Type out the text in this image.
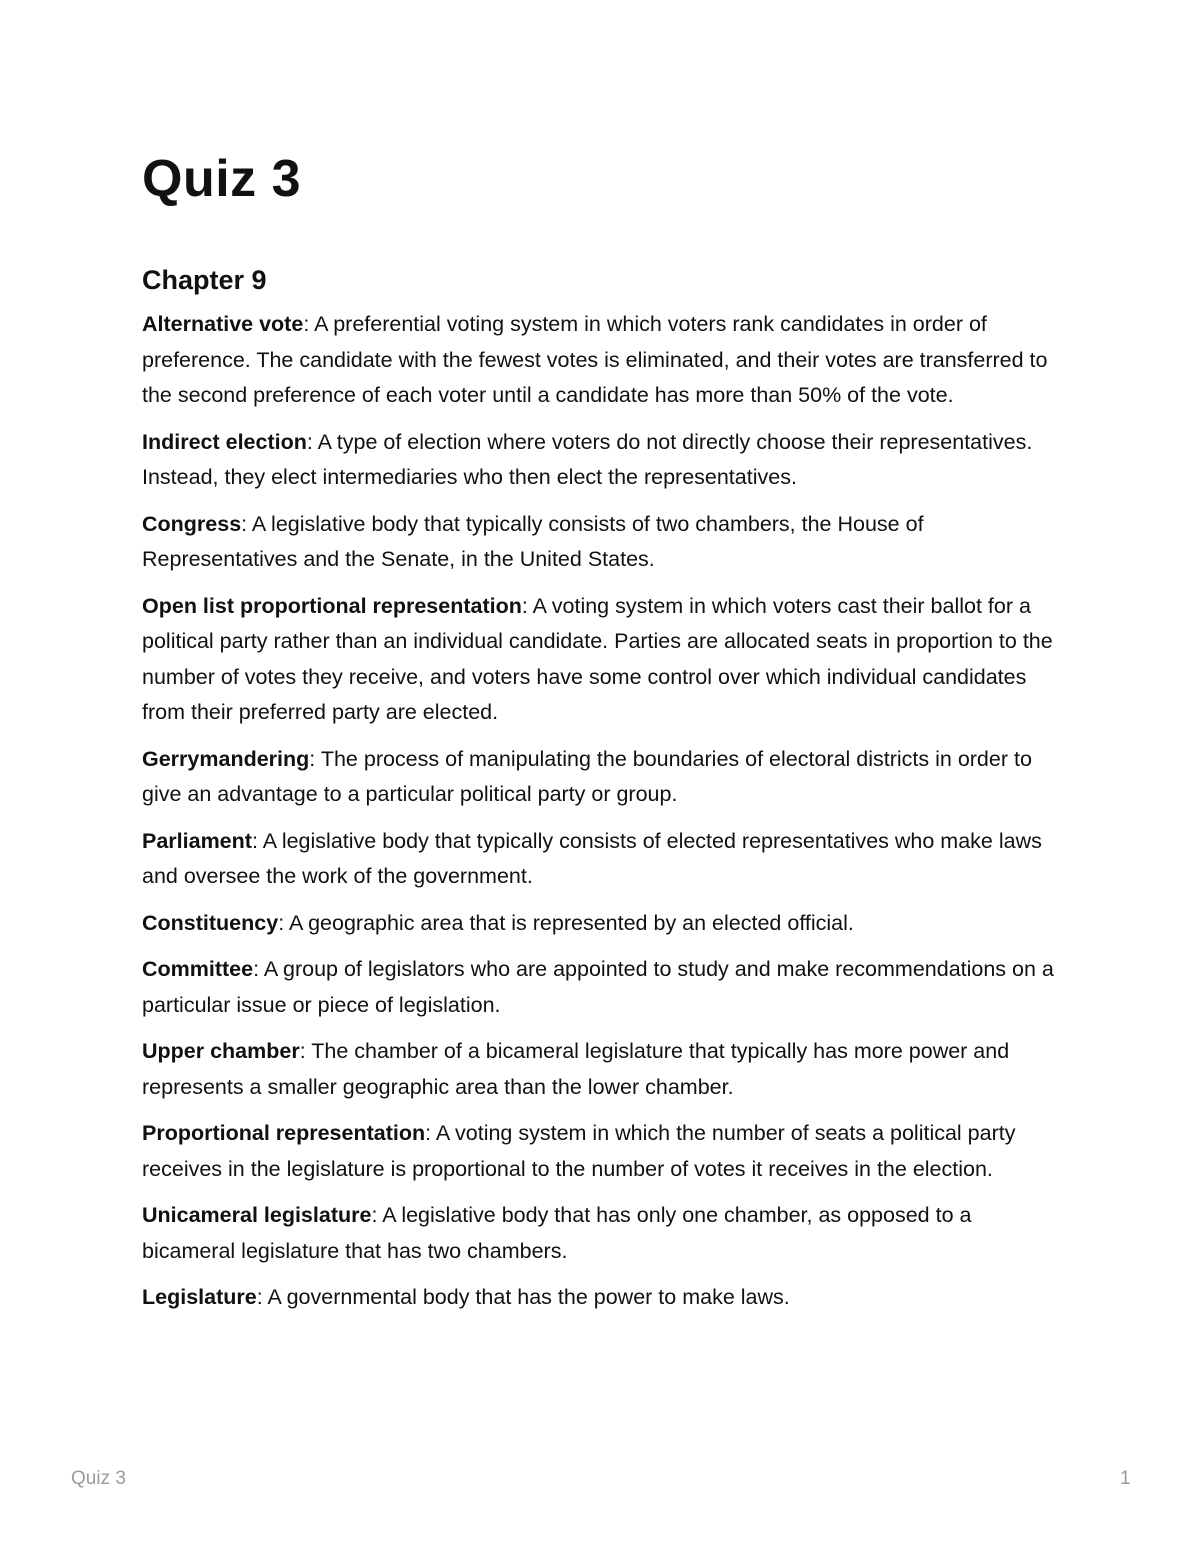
Quiz 3
Chapter 9

Alternative vote: A preferential voting system in which voters rank candidates in order of preference. The candidate with the fewest votes is eliminated, and their votes are transferred to the second preference of each voter until a candidate has more than 50% of the vote.

Indirect election: A type of election where voters do not directly choose their representatives. Instead, they elect intermediaries who then elect the representatives.

Congress: A legislative body that typically consists of two chambers, the House of Representatives and the Senate, in the United States.

Open list proportional representation: A voting system in which voters cast their ballot for a political party rather than an individual candidate. Parties are allocated seats in proportion to the number of votes they receive, and voters have some control over which individual candidates from their preferred party are elected.

Gerrymandering: The process of manipulating the boundaries of electoral districts in order to give an advantage to a particular political party or group.

Parliament: A legislative body that typically consists of elected representatives who make laws and oversee the work of the government.

Constituency: A geographic area that is represented by an elected official.

Committee: A group of legislators who are appointed to study and make recommendations on a particular issue or piece of legislation.

Upper chamber: The chamber of a bicameral legislature that typically has more power and represents a smaller geographic area than the lower chamber.

Proportional representation: A voting system in which the number of seats a political party receives in the legislature is proportional to the number of votes it receives in the election.

Unicameral legislature: A legislative body that has only one chamber, as opposed to a bicameral legislature that has two chambers.

Legislature: A governmental body that has the power to make laws.

Quiz 3	1
